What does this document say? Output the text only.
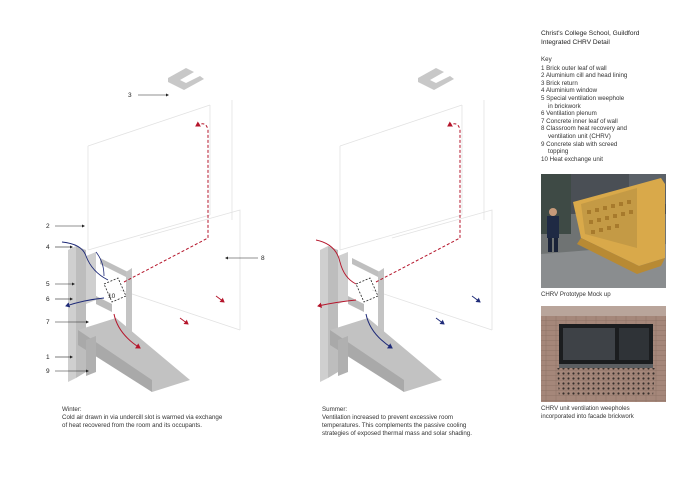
3
2
4
5
6	10
7
1
9
8
Winter:
Cold air drawn in via undercill slot is warmed via exchange
of heat recovered from the room and its occupants.
Summer:
Ventilation increased to prevent excessive room
temperatures. This complements the passive cooling
strategies of exposed thermal mass and solar shading.
Christ's College School, Guildford
Integrated CHRV Detail
Key
1 Brick outer leaf of wall
2 Aluminium cill and head lining
3 Brick return
4 Aluminium window
5 Special ventilation weephole
in brickwork
6 Ventilation plenum
7 Concrete inner leaf of wall
8 Classroom heat recovery and
ventilation unit (CHRV)
9 Concrete slab with screed
topping
10 Heat exchange unit
CHRV Prototype Mock up
CHRV unit ventilation weepholes
incorporated into facade brickwork
